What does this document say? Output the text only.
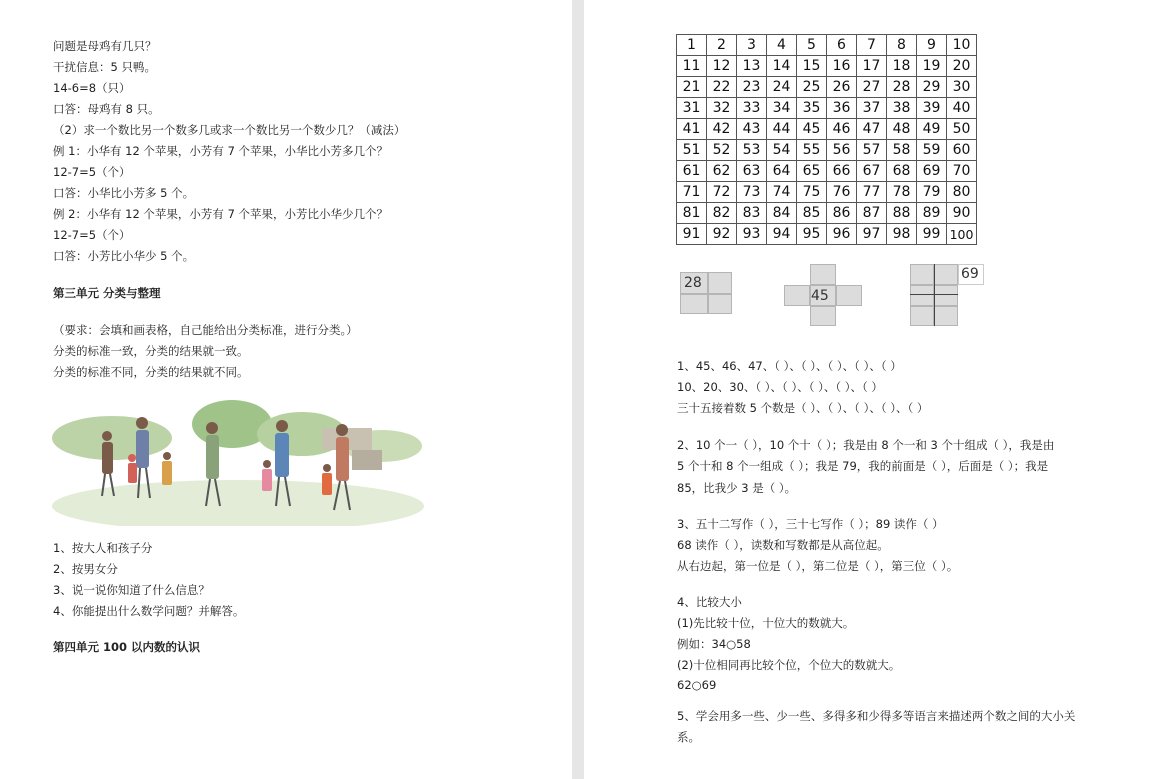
问题是母鸡有几只？
干扰信息：5 只鸭。
14-6=8（只）
口答：母鸡有 8 只。
（2）求一个数比另一个数多几或求一个数比另一个数少几？（减法）
例 1：小华有 12 个苹果，小芳有 7 个苹果，小华比小芳多几个？
12-7=5（个）
口答：小华比小芳多 5 个。
例 2：小华有 12 个苹果，小芳有 7 个苹果，小芳比小华少几个？
12-7=5（个）
口答：小芳比小华少 5 个。
第三单元 分类与整理
（要求：会填和画表格，自己能给出分类标准，进行分类。）
分类的标准一致，分类的结果就一致。
分类的标准不同，分类的结果就不同。
1、按大人和孩子分
2、按男女分
3、说一说你知道了什么信息？
4、你能提出什么数学问题？并解答。
第四单元 100 以内数的认识
1	2	3	4	5	6	7	8	9	10
11	12	13	14	15	16	17	18	19	20
21	22	23	24	25	26	27	28	29	30
31	32	33	34	35	36	37	38	39	40
41	42	43	44	45	46	47	48	49	50
51	52	53	54	55	56	57	58	59	60
61	62	63	64	65	66	67	68	69	70
71	72	73	74	75	76	77	78	79	80
81	82	83	84	85	86	87	88	89	90
91	92	93	94	95	96	97	98	99	100
28
45
69
1、45、46、47、（ ）、（ ）、（ ）、（ ）、（ ）
10、20、30、（ ）、（ ）、（ ）、（ ）、（ ）
三十五接着数 5 个数是（ ）、（ ）、（ ）、（ ）、（ ）
2、10 个一（ ），10 个十（ ）；我是由 8 个一和 3 个十组成（ ），我是由
5 个十和 8 个一组成（ ）；我是 79，我的前面是（ ），后面是（ ）；我是
85，比我少 3 是（ ）。
3、五十二写作（ ），三十七写作（ ）；89 读作（ ）
68 读作（ ），读数和写数都是从高位起。
从右边起，第一位是（ ），第二位是（ ），第三位（ ）。
4、比较大小
(1)先比较十位，十位大的数就大。
例如：34○58
(2)十位相同再比较个位，个位大的数就大。
62○69
5、学会用多一些、少一些、多得多和少得多等语言来描述两个数之间的大小关
系。
